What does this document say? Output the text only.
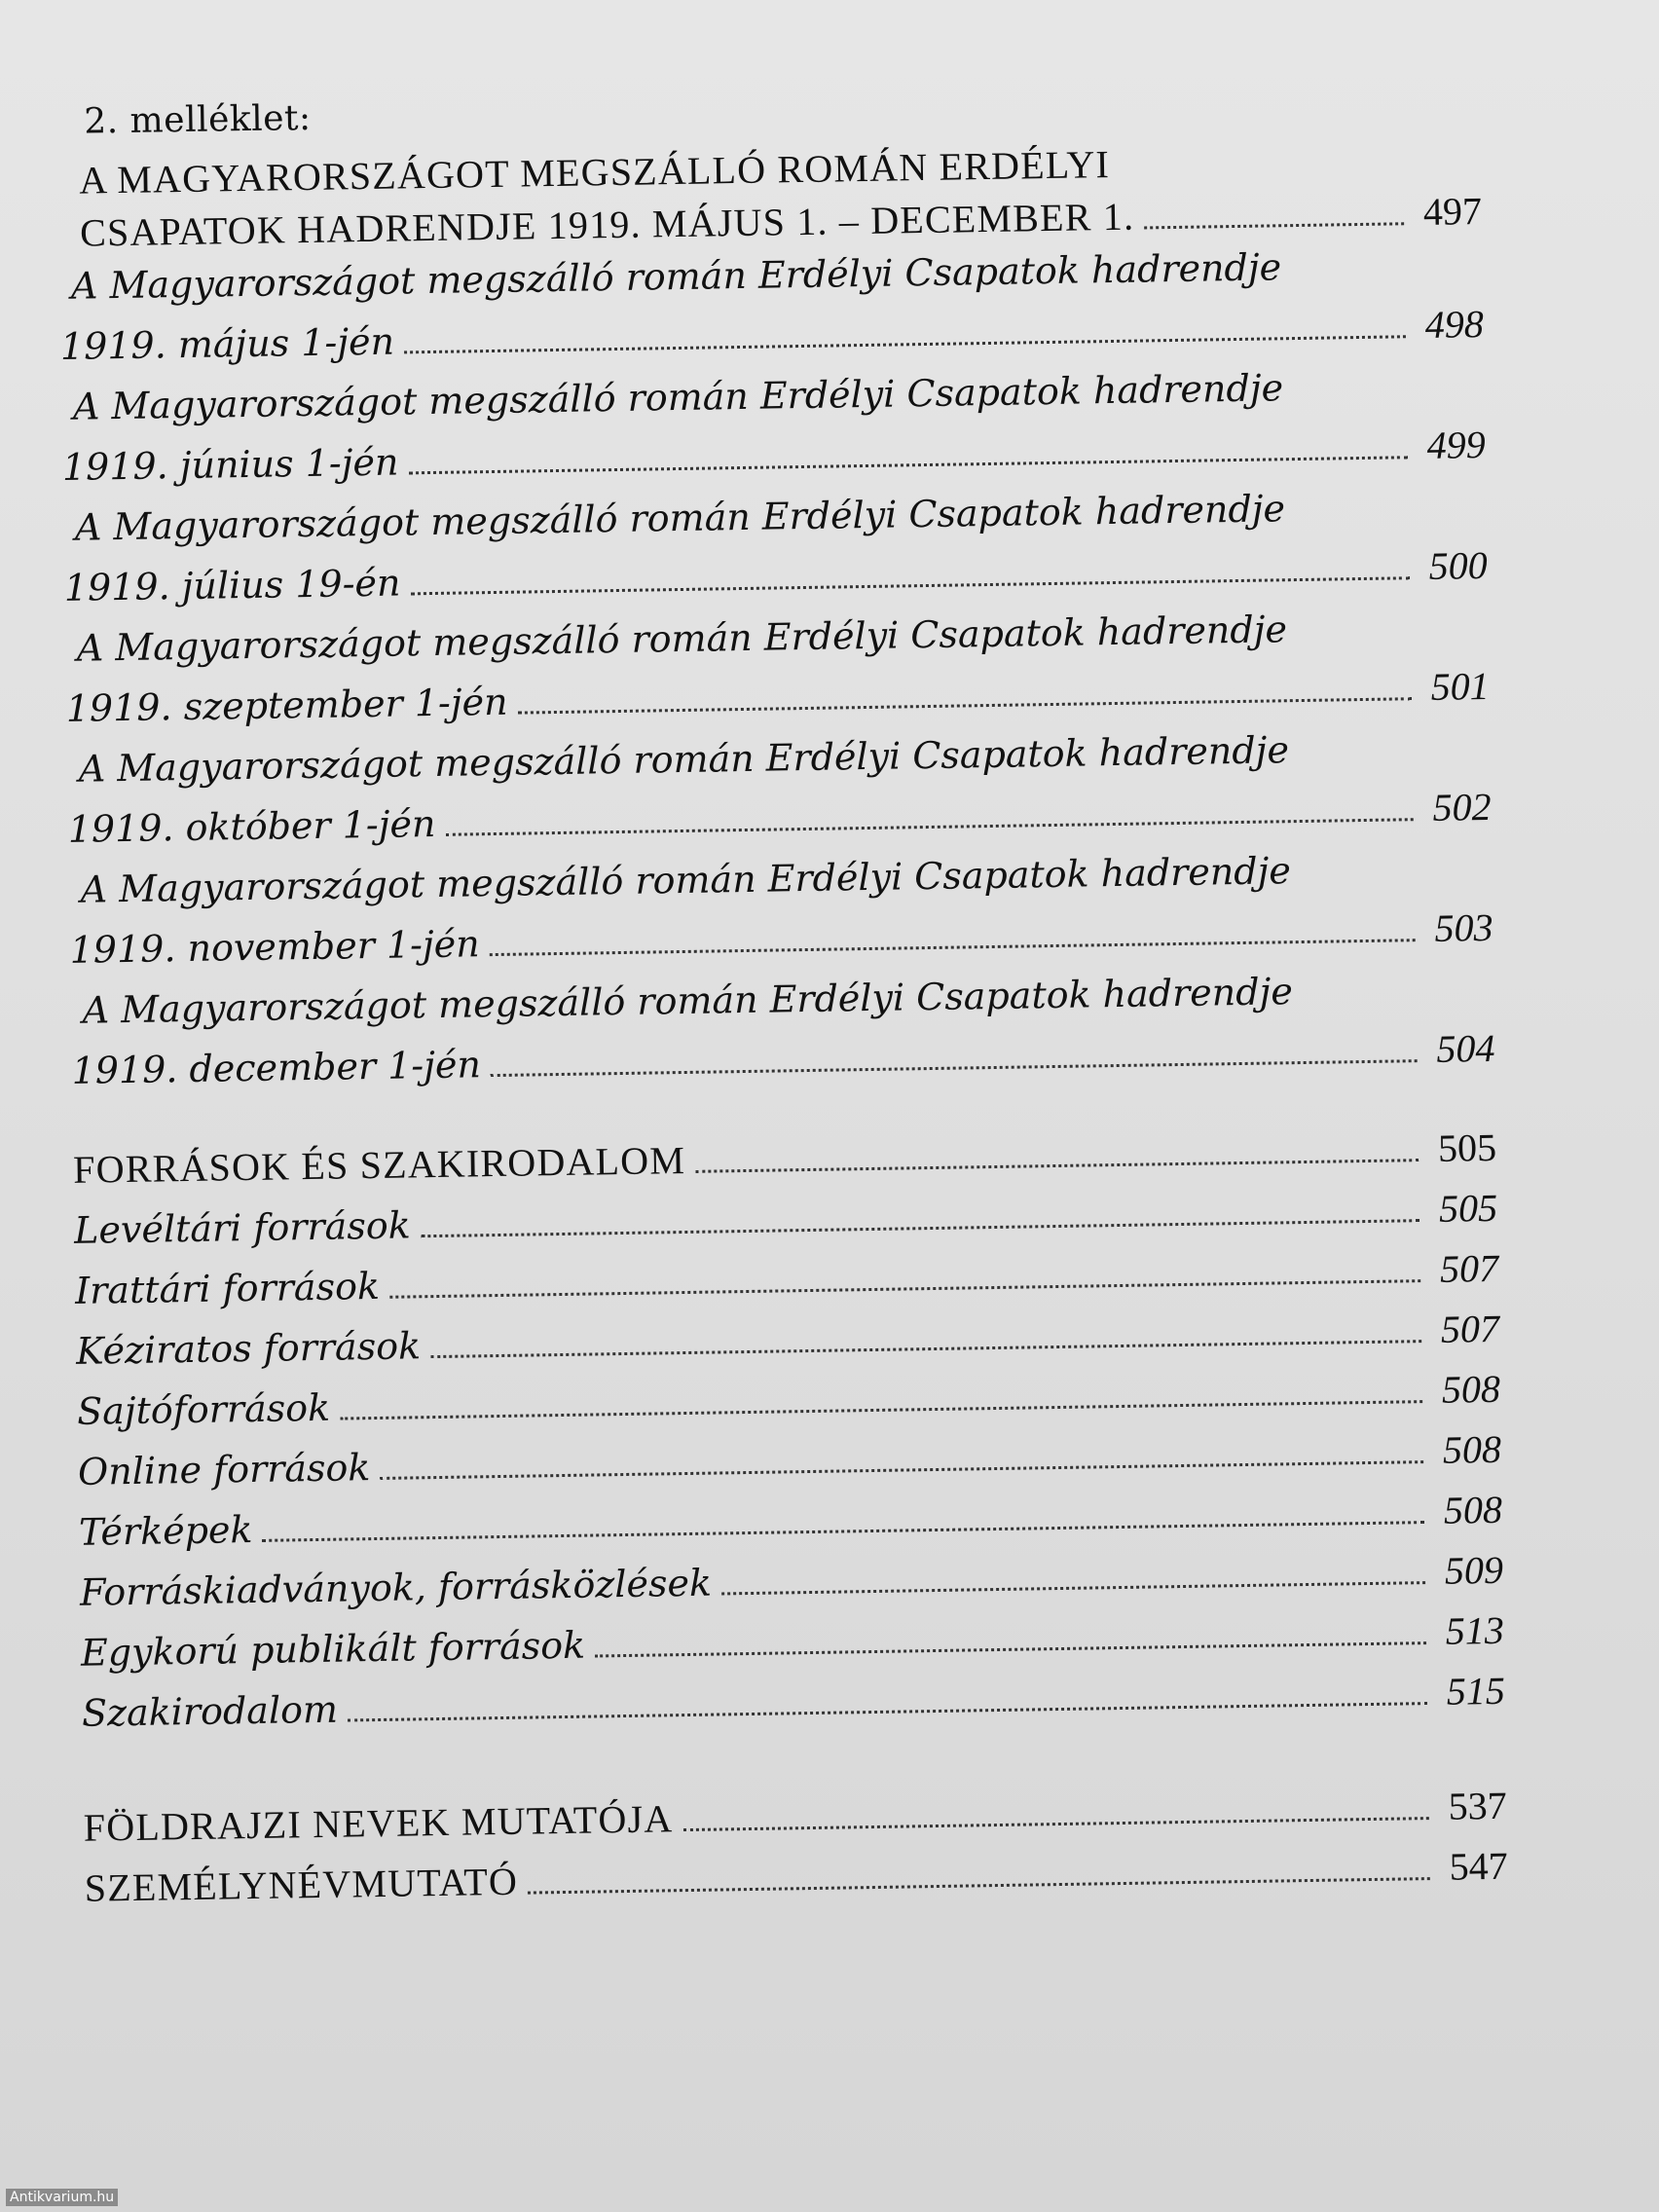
2. melléklet:
A MAGYARORSZÁGOT MEGSZÁLLÓ ROMÁN ERDÉLYI
CSAPATOK HADRENDJE 1919. MÁJUS 1. – DECEMBER 1.	497
A Magyarországot megszálló román Erdélyi Csapatok hadrendje
1919. május 1-jén	498
A Magyarországot megszálló román Erdélyi Csapatok hadrendje
1919. június 1-jén	499
A Magyarországot megszálló román Erdélyi Csapatok hadrendje
1919. július 19-én	500
A Magyarországot megszálló román Erdélyi Csapatok hadrendje
1919. szeptember 1-jén	501
A Magyarországot megszálló román Erdélyi Csapatok hadrendje
1919. október 1-jén	502
A Magyarországot megszálló román Erdélyi Csapatok hadrendje
1919. november 1-jén	503
A Magyarországot megszálló román Erdélyi Csapatok hadrendje
1919. december 1-jén	504
FORRÁSOK ÉS SZAKIRODALOM	505
Levéltári források	505
Irattári források	507
Kéziratos források	507
Sajtóforrások	508
Online források	508
Térképek	508
Forráskiadványok, forrásközlések	509
Egykorú publikált források	513
Szakirodalom	515
FÖLDRAJZI NEVEK MUTATÓJA	537
SZEMÉLYNÉVMUTATÓ	547
Antikvarium.hu
